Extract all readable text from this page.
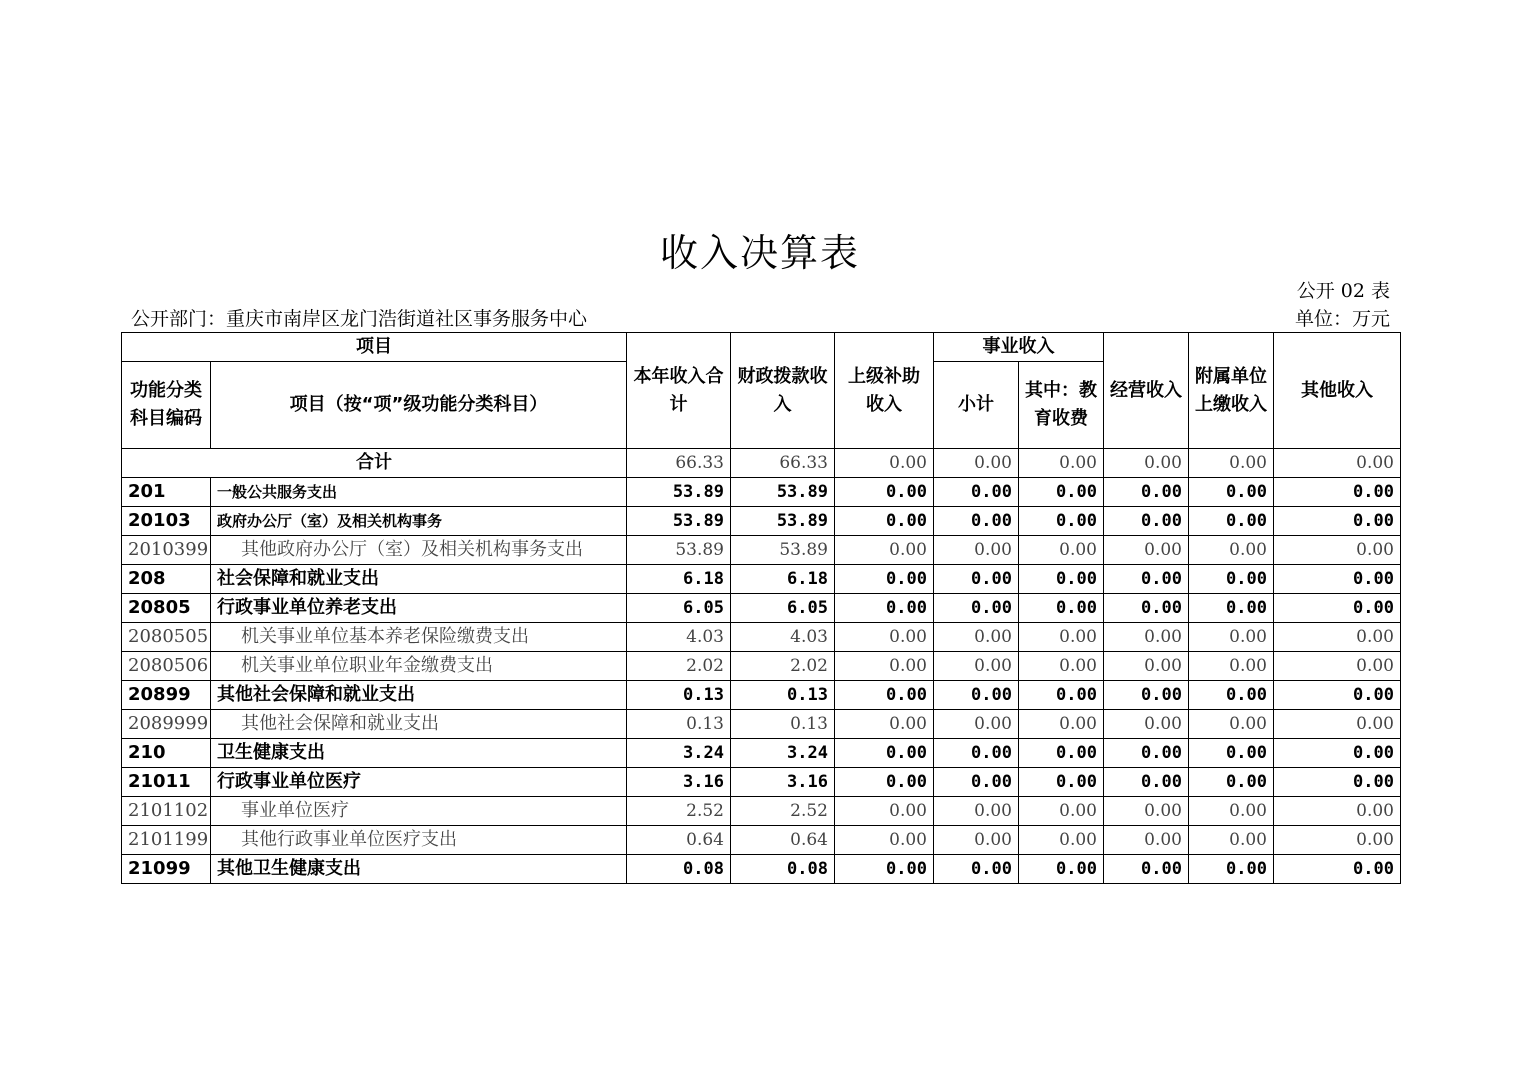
收入决算表
公开 02 表
公开部门：重庆市南岸区龙门浩街道社区事务服务中心	单位：万元
项目		本年收入合计	财政拨款收入	上级补助收入	事业收入		经营收入	附属单位上缴收入	其他收入
功能分类科目编码	项目（按“项”级功能分类科目）				小计	其中：教育收费			
合计		66.33	66.33	0.00	0.00	0.00	0.00	0.00	0.00
201	一般公共服务支出	53.89	53.89	0.00	0.00	0.00	0.00	0.00	0.00
20103	政府办公厅（室）及相关机构事务	53.89	53.89	0.00	0.00	0.00	0.00	0.00	0.00
2010399	其他政府办公厅（室）及相关机构事务支出	53.89	53.89	0.00	0.00	0.00	0.00	0.00	0.00
208	社会保障和就业支出	6.18	6.18	0.00	0.00	0.00	0.00	0.00	0.00
20805	行政事业单位养老支出	6.05	6.05	0.00	0.00	0.00	0.00	0.00	0.00
2080505	机关事业单位基本养老保险缴费支出	4.03	4.03	0.00	0.00	0.00	0.00	0.00	0.00
2080506	机关事业单位职业年金缴费支出	2.02	2.02	0.00	0.00	0.00	0.00	0.00	0.00
20899	其他社会保障和就业支出	0.13	0.13	0.00	0.00	0.00	0.00	0.00	0.00
2089999	其他社会保障和就业支出	0.13	0.13	0.00	0.00	0.00	0.00	0.00	0.00
210	卫生健康支出	3.24	3.24	0.00	0.00	0.00	0.00	0.00	0.00
21011	行政事业单位医疗	3.16	3.16	0.00	0.00	0.00	0.00	0.00	0.00
2101102	事业单位医疗	2.52	2.52	0.00	0.00	0.00	0.00	0.00	0.00
2101199	其他行政事业单位医疗支出	0.64	0.64	0.00	0.00	0.00	0.00	0.00	0.00
21099	其他卫生健康支出	0.08	0.08	0.00	0.00	0.00	0.00	0.00	0.00
